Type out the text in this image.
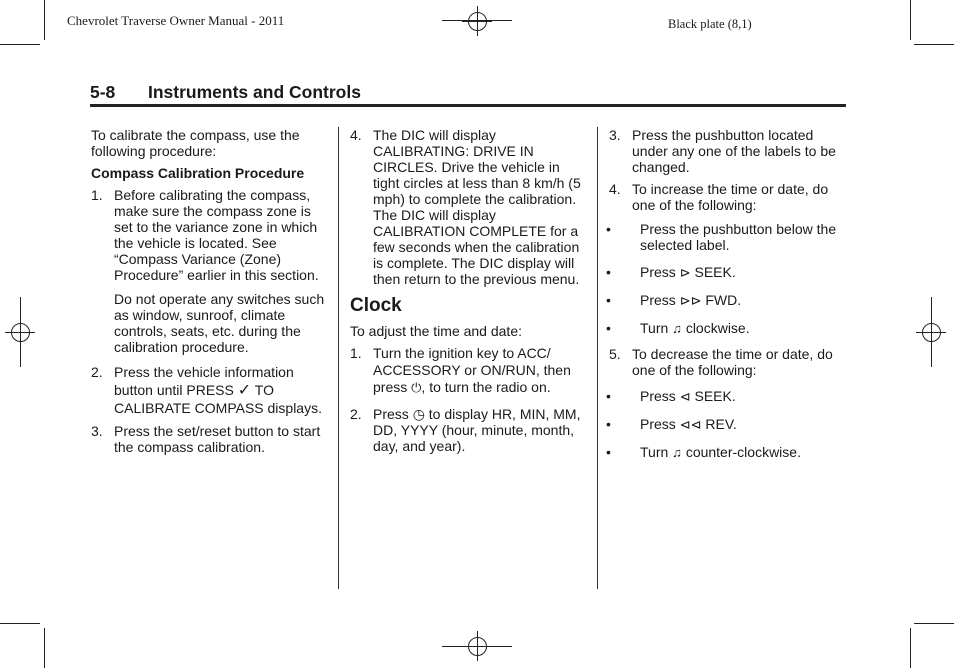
Chevrolet Traverse Owner Manual - 2011	Black plate (8,1)
5-8 Instruments and Controls

To calibrate the compass, use the following procedure:

Compass Calibration Procedure

1. Before calibrating the compass, make sure the compass zone is set to the variance zone in which the vehicle is located. See “Compass Variance (Zone) Procedure” earlier in this section.
Do not operate any switches such as window, sunroof, climate controls, seats, etc. during the calibration procedure.
2. Press the vehicle information button until PRESS ✓ TO CALIBRATE COMPASS displays.
3. Press the set/reset button to start the compass calibration.
4. The DIC will display CALIBRATING: DRIVE IN CIRCLES. Drive the vehicle in tight circles at less than 8 km/h (5 mph) to complete the calibration. The DIC will display CALIBRATION COMPLETE for a few seconds when the calibration is complete. The DIC display will then return to the previous menu.
Clock

To adjust the time and date:

1. Turn the ignition key to ACC/ ACCESSORY or ON/RUN, then press ⏻, to turn the radio on.
2. Press ◷ to display HR, MIN, MM, DD, YYYY (hour, minute, month, day, and year).
3. Press the pushbutton located under any one of the labels to be changed.
4. To increase the time or date, do one of the following:
• Press the pushbutton below the selected label.
• Press ⊳ SEEK.
• Press ⊳⊳ FWD.
• Turn ♫ clockwise.
5. To decrease the time or date, do one of the following:
• Press ⊲ SEEK.
• Press ⊲⊲ REV.
• Turn ♫ counter-clockwise.
